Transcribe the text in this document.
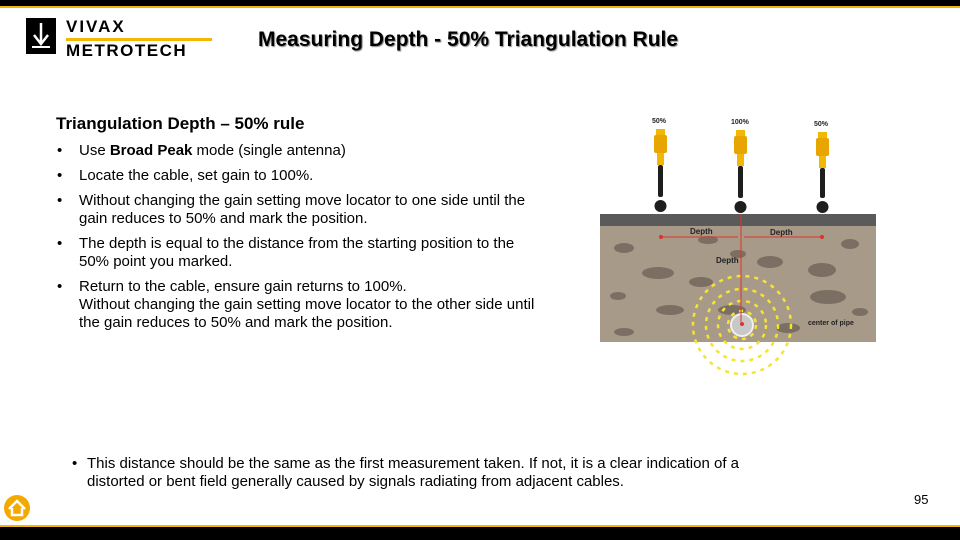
VIVAX
METROTECH	Measuring Depth - 50% Triangulation Rule
Triangulation Depth – 50% rule
• Use Broad Peak mode (single antenna)
• Locate the cable, set gain to 100%.
• Without changing the gain setting move locator to one side until the gain reduces to 50% and mark the position.
• The depth is equal to the distance from the starting position to the 50% point you marked.
• Return to the cable, ensure gain returns to 100%.
Without changing the gain setting move locator to the other side until the gain reduces to 50% and mark the position.
Depth	Depth
Depth
center of pipe
50%	100%	50%
• This distance should be the same as the first measurement taken. If not, it is a clear indication of a distorted or bent field generally caused by signals radiating from adjacent cables.
95
